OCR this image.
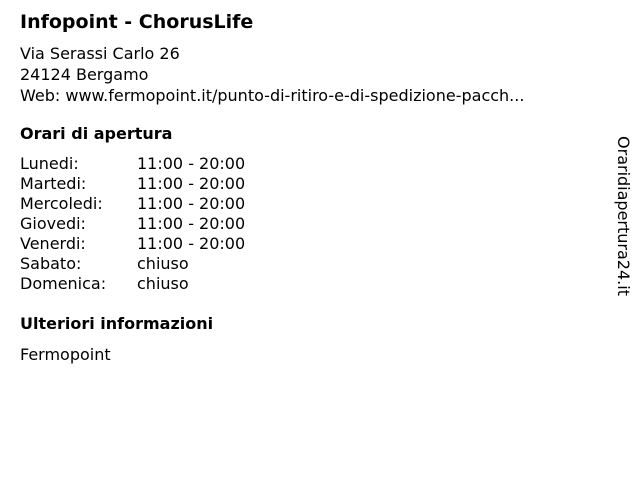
Infopoint - ChorusLife
Via Serassi Carlo 26
24124 Bergamo
Web: www.fermopoint.it/punto-di-ritiro-e-di-spedizione-pacch...
Orari di apertura
Lunedi:	11:00 - 20:00
Martedi:	11:00 - 20:00
Mercoledi:	11:00 - 20:00
Giovedi:	11:00 - 20:00
Venerdi:	11:00 - 20:00
Sabato:	chiuso
Domenica:	chiuso
Ulteriori informazioni
Fermopoint
Oraridiapertura24.it
